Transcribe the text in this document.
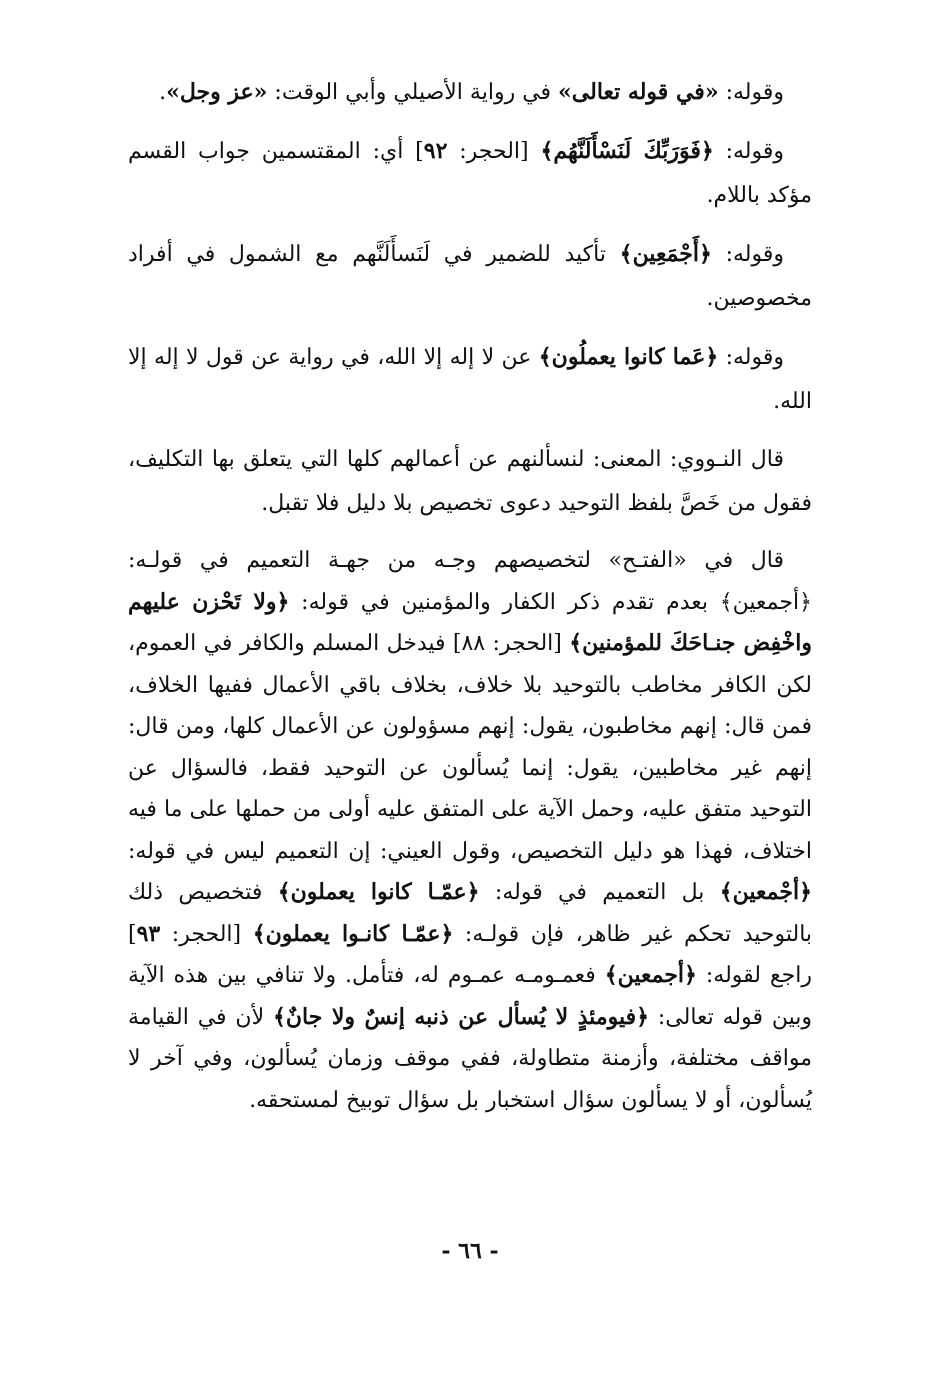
وقوله: «في قوله تعالى» في رواية الأصيلي وأبي الوقت: «عز وجل».

وقوله: ﴿فَوَرَبِّكَ لَنَسْأَلَنَّهُم﴾ [الحجر: ٩٢] أي: المقتسمين جواب القسم مؤكد باللام.

وقوله: ﴿أَجْمَعِين﴾ تأكيد للضمير في لَنَسأَلَنَّهم مع الشمول في أفراد مخصوصين.

وقوله: ﴿عَما كانوا يعملُون﴾ عن لا إله إلا الله، في رواية عن قول لا إله إلا الله.

قال النـووي: المعنى: لنسألنهم عن أعمالهم كلها التي يتعلق بها التكليف، فقول من خَصَّ بلفظ التوحيد دعوى تخصيص بلا دليل فلا تقبل.

قال في «الفتـح» لتخصيصهم وجـه من جهـة التعميم في قولـه: ﴿أجمعين﴾ بعدم تقدم ذكر الكفار والمؤمنين في قوله: ﴿ولا تَحْزن عليهم واخْفِض جنـاحَكَ للمؤمنين﴾ [الحجر: ٨٨] فيدخل المسلم والكافر في العموم، لكن الكافر مخاطب بالتوحيد بلا خلاف، بخلاف باقي الأعمال ففيها الخلاف، فمن قال: إنهم مخاطبون، يقول: إنهم مسؤولون عن الأعمال كلها، ومن قال: إنهم غير مخاطبين، يقول: إنما يُسألون عن التوحيد فقط، فالسؤال عن التوحيد متفق عليه، وحمل الآية على المتفق عليه أولى من حملها على ما فيه اختلاف، فهذا هو دليل التخصيص، وقول العيني: إن التعميم ليس في قوله: ﴿أجْمعين﴾ بل التعميم في قوله: ﴿عمّـا كانوا يعملون﴾ فتخصيص ذلك بالتوحيد تحكم غير ظاهر، فإن قولـه: ﴿عمّـا كانـوا يعملون﴾ [الحجر: ٩٣] راجع لقوله: ﴿أجمعين﴾ فعمـومـه عمـوم له، فتأمل. ولا تنافي بين هذه الآية وبين قوله تعالى: ﴿فيومئذٍ لا يُسأل عن ذنبه إنسٌ ولا جانٌ﴾ لأن في القيامة مواقف مختلفة، وأزمنة متطاولة، ففي موقف وزمان يُسألون، وفي آخر لا يُسألون، أو لا يسألون سؤال استخبار بل سؤال توبيخ لمستحقه.

- ٦٦ -
